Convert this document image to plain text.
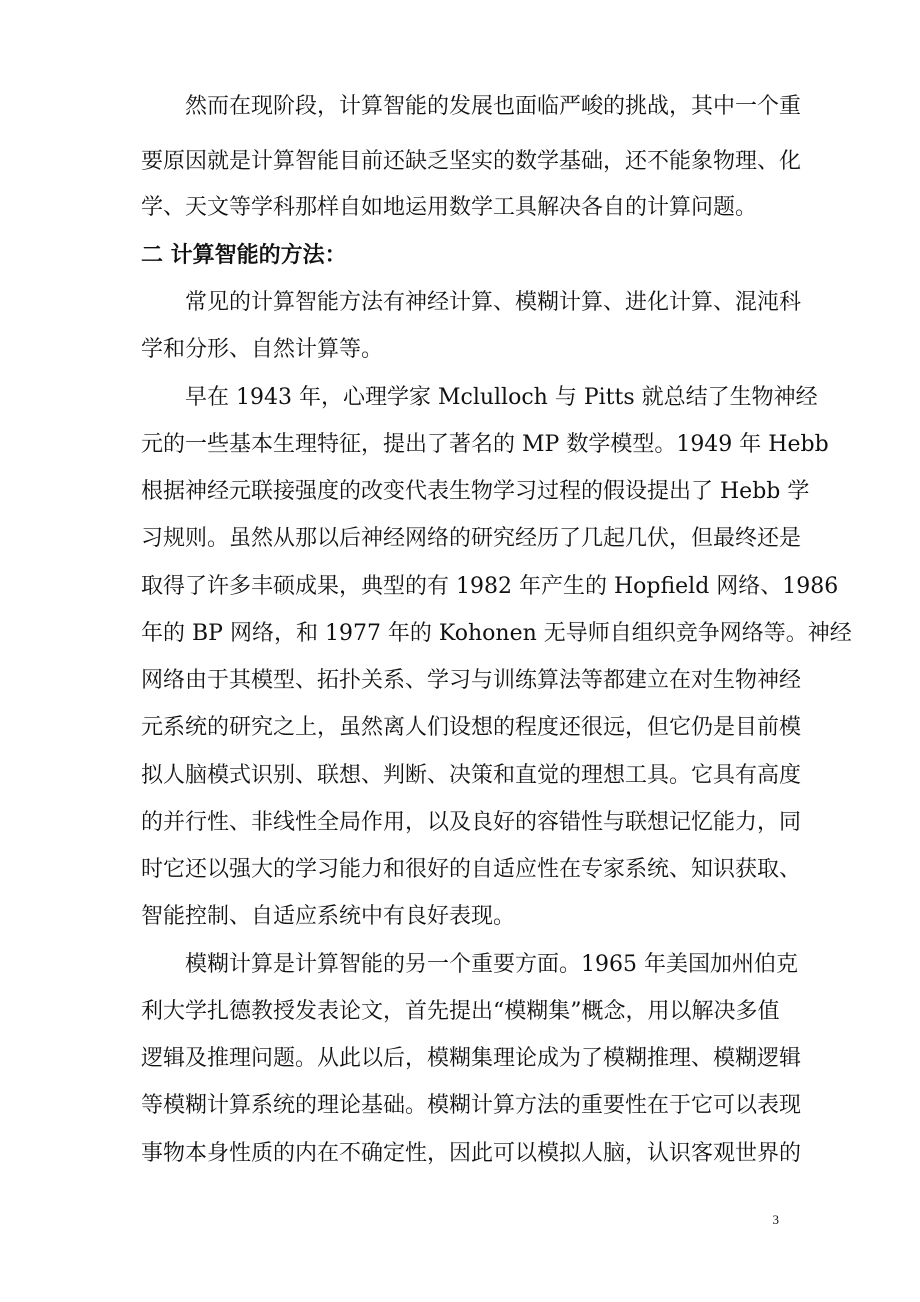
然而在现阶段，计算智能的发展也面临严峻的挑战，其中一个重
要原因就是计算智能目前还缺乏坚实的数学基础，还不能象物理、化
学、天文等学科那样自如地运用数学工具解决各自的计算问题。
二 计算智能的方法：
常见的计算智能方法有神经计算、模糊计算、进化计算、混沌科
学和分形、自然计算等。
早在 1943 年，心理学家 Mclulloch 与 Pitts 就总结了生物神经
元的一些基本生理特征，提出了著名的 MP 数学模型。1949 年 Hebb
根据神经元联接强度的改变代表生物学习过程的假设提出了 Hebb 学
习规则。虽然从那以后神经网络的研究经历了几起几伏，但最终还是
取得了许多丰硕成果，典型的有 1982 年产生的 Hopfield 网络、1986
年的 BP 网络，和 1977 年的 Kohonen 无导师自组织竞争网络等。神经
网络由于其模型、拓扑关系、学习与训练算法等都建立在对生物神经
元系统的研究之上，虽然离人们设想的程度还很远，但它仍是目前模
拟人脑模式识别、联想、判断、决策和直觉的理想工具。它具有高度
的并行性、非线性全局作用，以及良好的容错性与联想记忆能力，同
时它还以强大的学习能力和很好的自适应性在专家系统、知识获取、
智能控制、自适应系统中有良好表现。
模糊计算是计算智能的另一个重要方面。1965 年美国加州伯克
利大学扎德教授发表论文，首先提出“模糊集”概念，用以解决多值
逻辑及推理问题。从此以后，模糊集理论成为了模糊推理、模糊逻辑
等模糊计算系统的理论基础。模糊计算方法的重要性在于它可以表现
事物本身性质的内在不确定性，因此可以模拟人脑，认识客观世界的
3
